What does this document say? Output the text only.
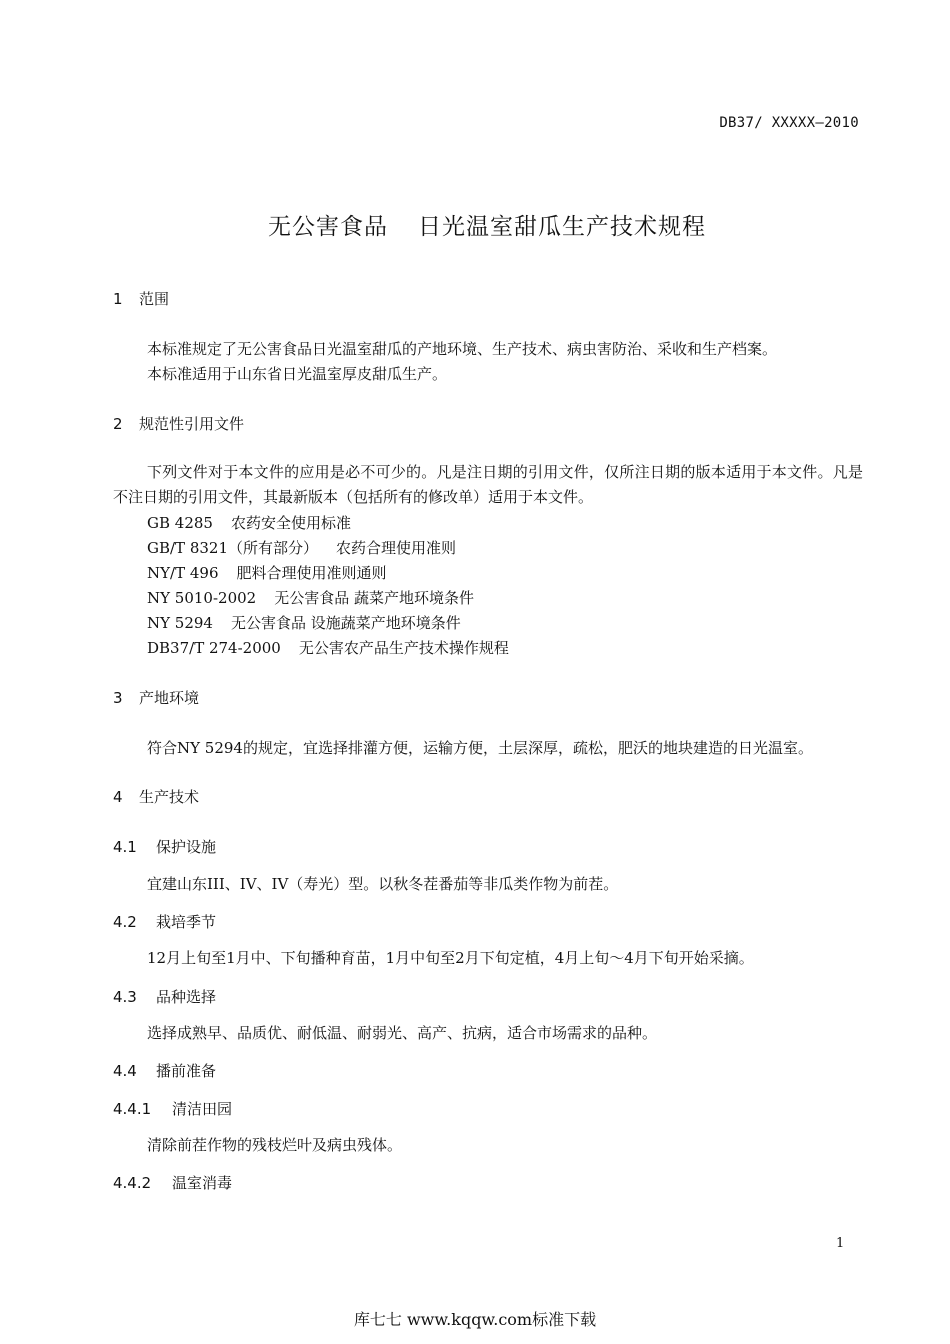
DB37/ XXXXX—2010
无公害食品 日光温室甜瓜生产技术规程
1 范围
本标准规定了无公害食品日光温室甜瓜的产地环境、生产技术、病虫害防治、采收和生产档案。
本标准适用于山东省日光温室厚皮甜瓜生产。
2 规范性引用文件
下列文件对于本文件的应用是必不可少的。凡是注日期的引用文件，仅所注日期的版本适用于本文件。凡是不注日期的引用文件，其最新版本（包括所有的修改单）适用于本文件。
GB 4285 农药安全使用标准
GB/T 8321（所有部分） 农药合理使用准则
NY/T 496 肥料合理使用准则通则
NY 5010-2002 无公害食品 蔬菜产地环境条件
NY 5294 无公害食品 设施蔬菜产地环境条件
DB37/T 274-2000 无公害农产品生产技术操作规程
3 产地环境
符合NY 5294的规定，宜选择排灌方便，运输方便，土层深厚，疏松，肥沃的地块建造的日光温室。
4 生产技术
4.1 保护设施
宜建山东III、IV、IV（寿光）型。以秋冬茬番茄等非瓜类作物为前茬。
4.2 栽培季节
12月上旬至1月中、下旬播种育苗，1月中旬至2月下旬定植，4月上旬～4月下旬开始采摘。
4.3 品种选择
选择成熟早、品质优、耐低温、耐弱光、高产、抗病，适合市场需求的品种。
4.4 播前准备
4.4.1 清洁田园
清除前茬作物的残枝烂叶及病虫残体。
4.4.2 温室消毒
1
库七七 www.kqqw.com标准下载
